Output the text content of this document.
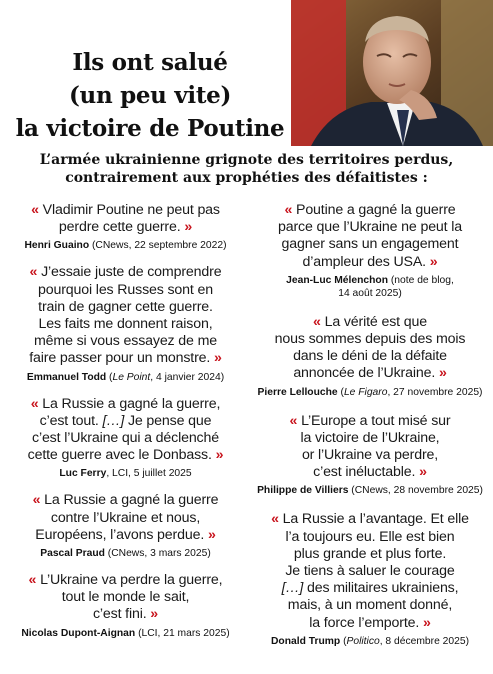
Ils ont salué
(un peu vite)
la victoire de Poutine
L’armée ukrainienne grignote des territoires perdus,
contrairement aux prophéties des défaitistes :

« Vladimir Poutine ne peut pas
perdre cette guerre. »

Henri Guaino (CNews, 22 septembre 2022)

« J’essaie juste de comprendre
pourquoi les Russes sont en
train de gagner cette guerre.
Les faits me donnent raison,
même si vous essayez de me
faire passer pour un monstre. »

Emmanuel Todd (Le Point, 4 janvier 2024)

« La Russie a gagné la guerre,
c’est tout. […] Je pense que
c’est l’Ukraine qui a déclenché
cette guerre avec le Donbass. »

Luc Ferry, LCI, 5 juillet 2025

« La Russie a gagné la guerre
contre l’Ukraine et nous,
Européens, l’avons perdue. »

Pascal Praud (CNews, 3 mars 2025)

« L’Ukraine va perdre la guerre,
tout le monde le sait,
c’est fini. »

Nicolas Dupont-Aignan (LCI, 21 mars 2025)

« Poutine a gagné la guerre
parce que l’Ukraine ne peut la
gagner sans un engagement
d’ampleur des USA. »

Jean-Luc Mélenchon (note de blog,
14 août 2025)

« La vérité est que
nous sommes depuis des mois
dans le déni de la défaite
annoncée de l’Ukraine. »

Pierre Lellouche (Le Figaro, 27 novembre 2025)

« L’Europe a tout misé sur
la victoire de l’Ukraine,
or l’Ukraine va perdre,
c’est inéluctable. »

Philippe de Villiers (CNews, 28 novembre 2025)

« La Russie a l’avantage. Et elle
l’a toujours eu. Elle est bien
plus grande et plus forte.
Je tiens à saluer le courage
[…] des militaires ukrainiens,
mais, à un moment donné,
la force l’emporte. »

Donald Trump (Politico, 8 décembre 2025)
